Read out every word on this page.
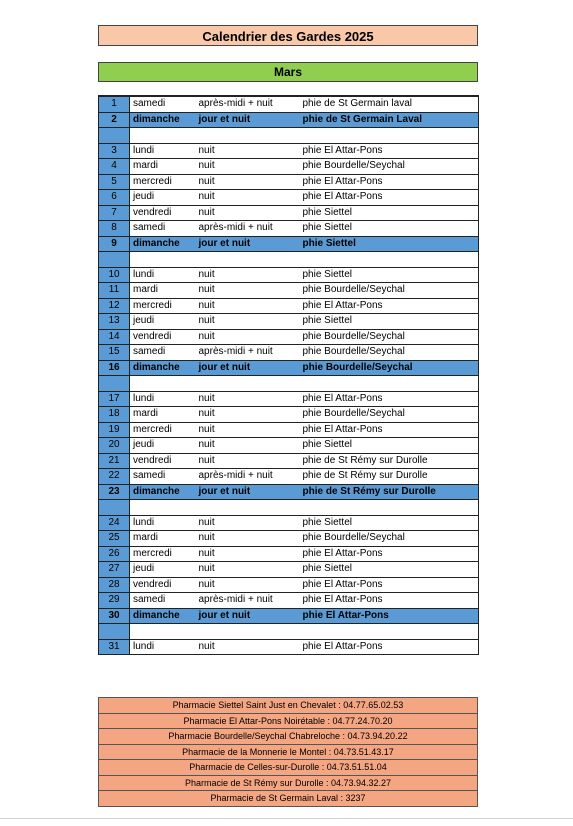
Calendrier des Gardes 2025
Mars
1	samedi	après-midi + nuit	phie de St Germain laval
2	dimanche	jour et nuit	phie de St Germain Laval

3	lundi	nuit	phie El Attar-Pons
4	mardi	nuit	phie Bourdelle/Seychal
5	mercredi	nuit	phie El Attar-Pons
6	jeudi	nuit	phie El Attar-Pons
7	vendredi	nuit	phie Siettel
8	samedi	après-midi + nuit	phie Siettel
9	dimanche	jour et nuit	phie Siettel

10	lundi	nuit	phie Siettel
11	mardi	nuit	phie Bourdelle/Seychal
12	mercredi	nuit	phie El Attar-Pons
13	jeudi	nuit	phie Siettel
14	vendredi	nuit	phie Bourdelle/Seychal
15	samedi	après-midi + nuit	phie Bourdelle/Seychal
16	dimanche	jour et nuit	phie Bourdelle/Seychal

17	lundi	nuit	phie El Attar-Pons
18	mardi	nuit	phie Bourdelle/Seychal
19	mercredi	nuit	phie El Attar-Pons
20	jeudi	nuit	phie Siettel
21	vendredi	nuit	phie de St Rémy sur Durolle
22	samedi	après-midi + nuit	phie de St Rémy sur Durolle
23	dimanche	jour et nuit	phie de St Rémy sur Durolle

24	lundi	nuit	phie Siettel
25	mardi	nuit	phie Bourdelle/Seychal
26	mercredi	nuit	phie El Attar-Pons
27	jeudi	nuit	phie Siettel
28	vendredi	nuit	phie El Attar-Pons
29	samedi	après-midi + nuit	phie El Attar-Pons
30	dimanche	jour et nuit	phie El Attar-Pons

31	lundi	nuit	phie El Attar-Pons
Pharmacie Siettel Saint Just en Chevalet : 04.77.65.02.53
Pharmacie El Attar-Pons Noirétable : 04.77.24.70.20
Pharmacie Bourdelle/Seychal Chabreloche : 04.73.94.20.22
Pharmacie de la Monnerie le Montel : 04.73.51.43.17
Pharmacie de Celles-sur-Durolle : 04.73.51.51.04
Pharmacie de St Rémy sur Durolle : 04.73.94.32.27
Pharmacie de St Germain Laval : 3237
